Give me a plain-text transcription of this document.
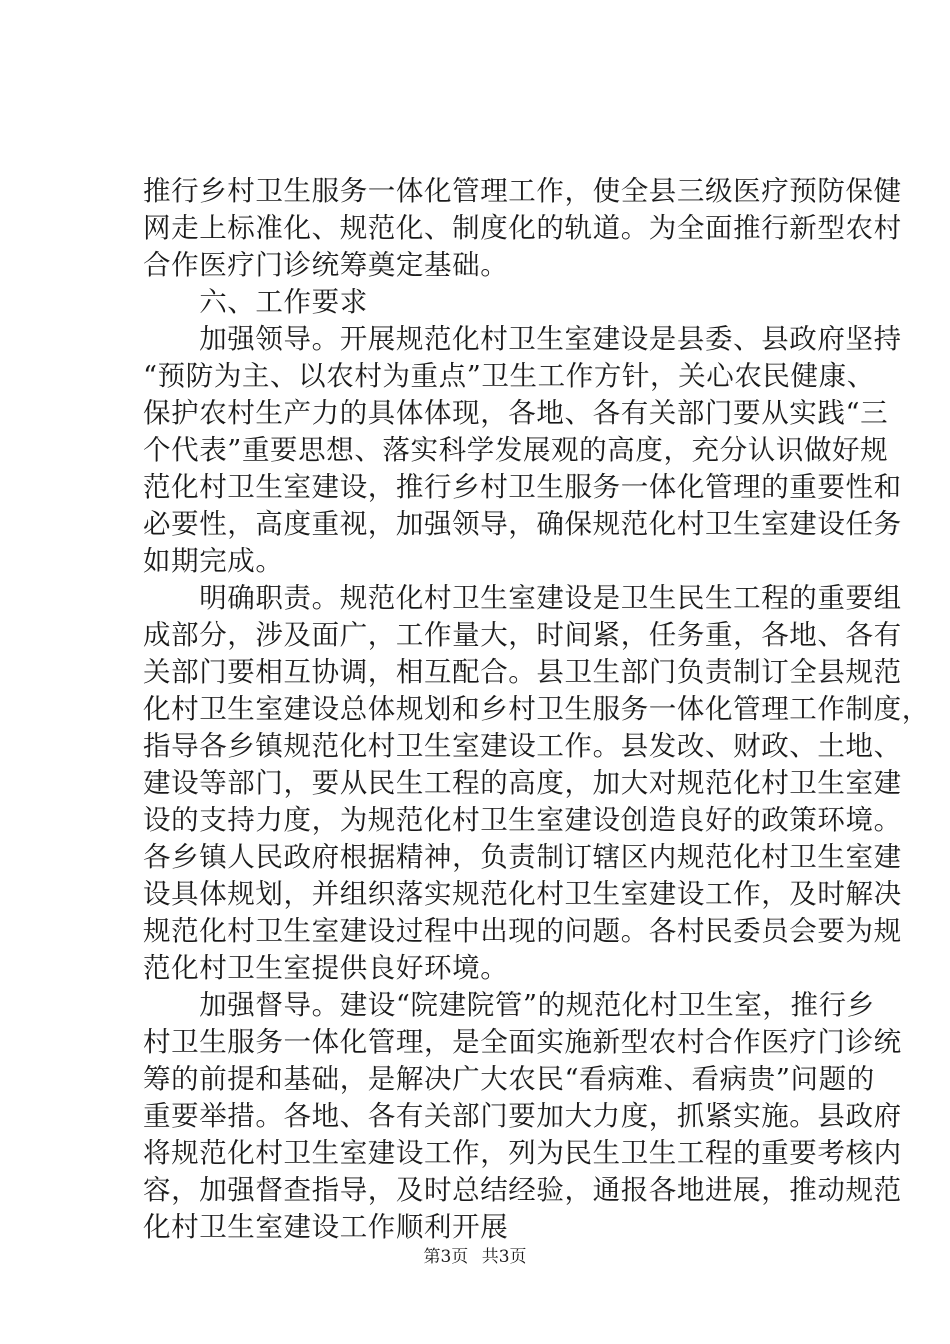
推行乡村卫生服务一体化管理工作，使全县三级医疗预防保健
网走上标准化、规范化、制度化的轨道。为全面推行新型农村
合作医疗门诊统筹奠定基础。
　　六、工作要求
　　加强领导。开展规范化村卫生室建设是县委、县政府坚持
“预防为主、以农村为重点”卫生工作方针，关心农民健康、
保护农村生产力的具体体现，各地、各有关部门要从实践“三
个代表”重要思想、落实科学发展观的高度，充分认识做好规
范化村卫生室建设，推行乡村卫生服务一体化管理的重要性和
必要性，高度重视，加强领导，确保规范化村卫生室建设任务
如期完成。
　　明确职责。规范化村卫生室建设是卫生民生工程的重要组
成部分，涉及面广，工作量大，时间紧，任务重，各地、各有
关部门要相互协调，相互配合。县卫生部门负责制订全县规范
化村卫生室建设总体规划和乡村卫生服务一体化管理工作制度，
指导各乡镇规范化村卫生室建设工作。县发改、财政、土地、
建设等部门，要从民生工程的高度，加大对规范化村卫生室建
设的支持力度，为规范化村卫生室建设创造良好的政策环境。
各乡镇人民政府根据精神，负责制订辖区内规范化村卫生室建
设具体规划，并组织落实规范化村卫生室建设工作，及时解决
规范化村卫生室建设过程中出现的问题。各村民委员会要为规
范化村卫生室提供良好环境。
　　加强督导。建设“院建院管”的规范化村卫生室，推行乡
村卫生服务一体化管理，是全面实施新型农村合作医疗门诊统
筹的前提和基础，是解决广大农民“看病难、看病贵”问题的
重要举措。各地、各有关部门要加大力度，抓紧实施。县政府
将规范化村卫生室建设工作，列为民生卫生工程的重要考核内
容，加强督查指导，及时总结经验，通报各地进展，推动规范
化村卫生室建设工作顺利开展
第3页 共3页
